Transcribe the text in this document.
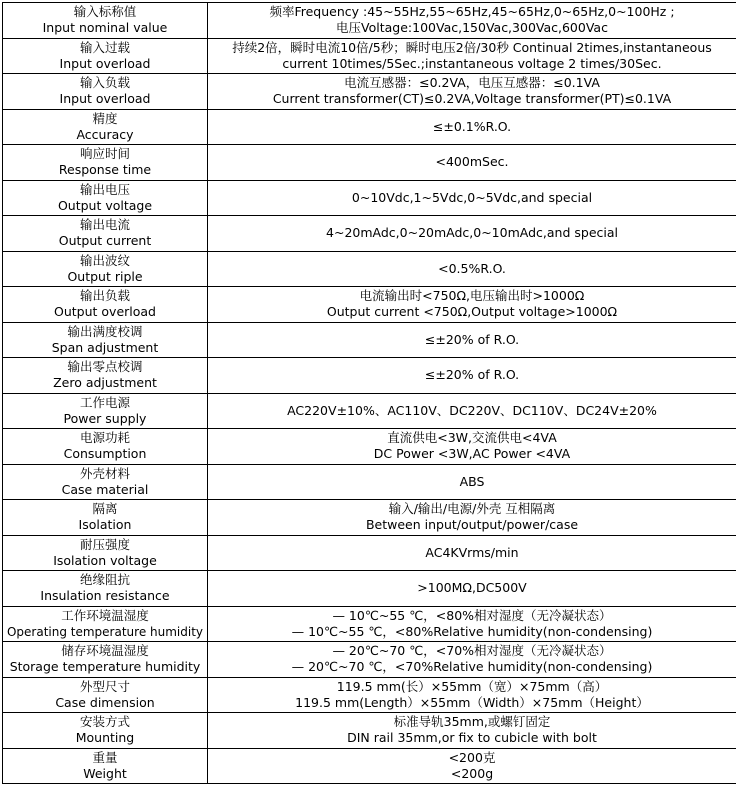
输入标称值
Input nominal value	频率Frequency :45~55Hz,55~65Hz,45~65Hz,0~65Hz,0~100Hz ;
电压Voltage:100Vac,150Vac,300Vac,600Vac

输入过载
Input overload	持续2倍，瞬时电流10倍/5秒；瞬时电压2倍/30秒 Continual 2times,instantaneous
current 10times/5Sec.;instantaneous voltage 2 times/30Sec.

输入负载
Input overload	电流互感器：≤0.2VA，电压互感器：≤0.1VA
Current transformer(CT)≤0.2VA,Voltage transformer(PT)≤0.1VA

精度
Accuracy	≤±0.1%R.O.

响应时间
Response time	<400mSec.

输出电压
Output voltage	0~10Vdc,1~5Vdc,0~5Vdc,and special

输出电流
Output current	4~20mAdc,0~20mAdc,0~10mAdc,and special

输出波纹
Output riple	<0.5%R.O.

输出负载
Output overload	电流输出时<750Ω,电压输出时>1000Ω
Output current <750Ω,Output voltage>1000Ω

输出满度校调
Span adjustment	≤±20% of R.O.

输出零点校调
Zero adjustment	≤±20% of R.O.

工作电源
Power supply	AC220V±10%、AC110V、DC220V、DC110V、DC24V±20%

电源功耗
Consumption	直流供电<3W,交流供电<4VA
DC Power <3W,AC Power <4VA

外壳材料
Case material	ABS

隔离
Isolation	输入/输出/电源/外壳 互相隔离
Between input/output/power/case

耐压强度
Isolation voltage	AC4KVrms/min

绝缘阻抗
Insulation resistance	>100MΩ,DC500V

工作环境温湿度
Operating temperature humidity	— 10℃~55 ℃，<80%相对湿度（无冷凝状态）
— 10℃~55 ℃，<80%Relative humidity(non-condensing)

储存环境温湿度
Storage temperature humidity	— 20℃~70 ℃，<70%相对湿度（无冷凝状态）
— 20℃~70 ℃，<70%Relative humidity(non-condensing)

外型尺寸
Case dimension	119.5 mm(长）×55mm（宽）×75mm（高）
119.5 mm(Length）×55mm（Width）×75mm（Height）

安装方式
Mounting	标准导轨35mm,或螺钉固定
DIN rail 35mm,or fix to cubicle with bolt

重量
Weight	<200克
<200g
